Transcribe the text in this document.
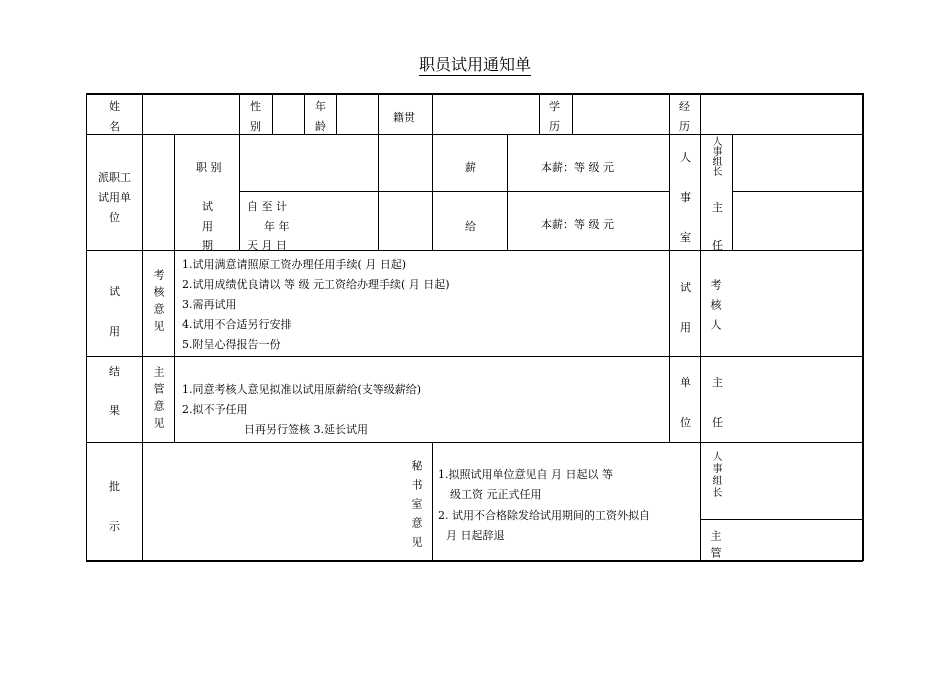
职员试用通知单
姓
名
性
别
年
龄
籍贯
学
历
经
历
派职工
试用单
位
职 别
试
用
期
自 至 计
年 年
天 月 日
薪
给
本薪：等 级 元
本薪：等 级 元
人
事
室
人事组长
主
任
试
用
结
果
考核意见
1.试用满意请照原工资办理任用手续( 月 日起)
2.试用成绩优良请以 等 级 元工资给办理手续( 月 日起)
3.需再试用
4.试用不合适另行安排
5.附呈心得报告一份
试
用
单
位
考核人
主管意见 1.同意考核人意见拟准以试用原薪给(支等级薪给)
2.拟不予任用
日再另行签核 3.延长试用
主
任
批
示	秘书室意见 1.拟照试用单位意见自 月 日起以 等
级工资 元正式任用
2. 试用不合格除发给试用期间的工资外拟自
月 日起辞退
人事组长
主管
